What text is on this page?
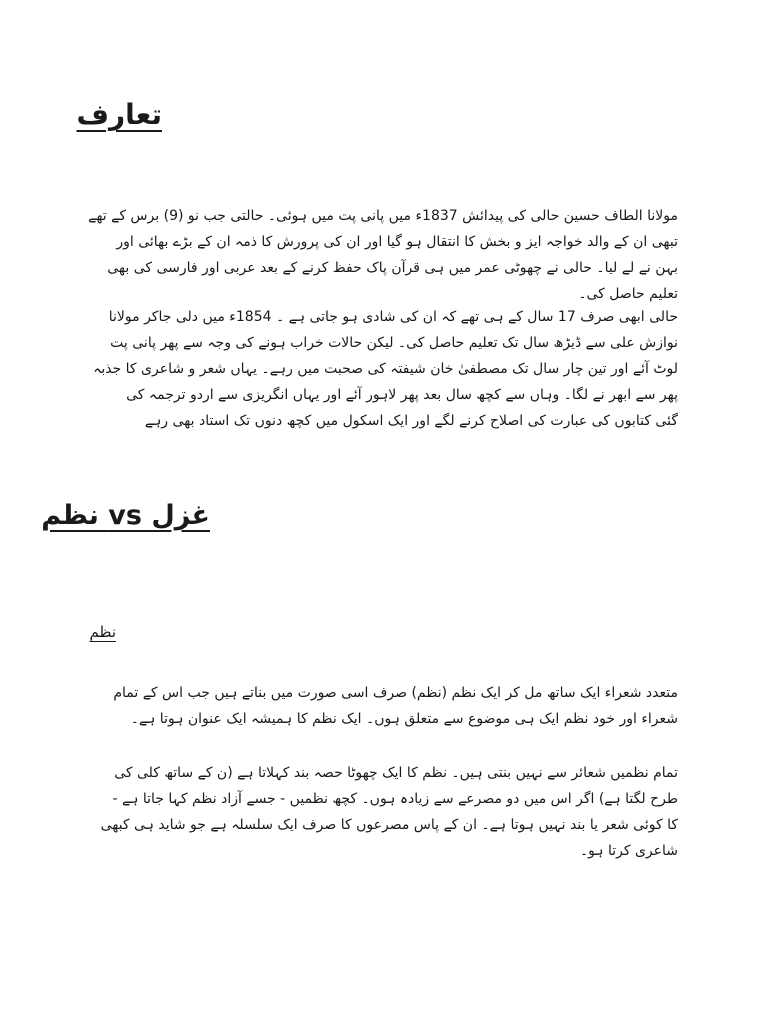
تعارف
مولانا الطاف حسین حالی کی پیدائش 1837ء میں پانی پت میں ہوئی۔ حالتی جب نو (9) برس کے تھے
تبھی ان کے والد خواجہ ایز و بخش کا انتقال ہو گیا اور ان کی پرورش کا ذمہ ان کے بڑے بھائی اور
بہن نے لے لیا۔ حالی نے چھوٹی عمر میں ہی قرآن پاک حفظ کرنے کے بعد عربی اور فارسی کی بھی
تعلیم حاصل کی۔
حالی ابھی صرف 17 سال کے ہی تھے کہ ان کی شادی ہو جاتی ہے ۔ 1854ء میں دلی جاکر مولانا
نوازش علی سے ڈیڑھ سال تک تعلیم حاصل کی۔ لیکن حالات خراب ہونے کی وجہ سے پھر پانی پت
لوٹ آئے اور تین چار سال تک مصطفیٰ خان شیفتہ کی صحبت میں رہے۔ یہاں شعر و شاعری کا جذبہ
پھر سے ابھر نے لگا۔ وہاں سے کچھ سال بعد پھر لاہور آئے اور یہاں انگریزی سے اردو ترجمہ کی
گئی کتابوں کی عبارت کی اصلاح کرنے لگے اور ایک اسکول میں کچھ دنوں تک استاد بھی رہے
غزل vs نظم
نظم
متعدد شعراء ایک ساتھ مل کر ایک نظم (نظم) صرف اسی صورت میں بناتے ہیں جب اس کے تمام
شعراء اور خود نظم ایک ہی موضوع سے متعلق ہوں۔ ایک نظم کا ہمیشہ ایک عنوان ہوتا ہے۔
تمام نظمیں شعائر سے نہیں بنتی ہیں۔ نظم کا ایک چھوٹا حصہ بند کہلاتا ہے (ن کے ساتھ کلی کی
طرح لگتا ہے) اگر اس میں دو مصرعے سے زیادہ ہوں۔ کچھ نظمیں - جسے آزاد نظم کہا جاتا ہے -
کا کوئی شعر یا بند نہیں ہوتا ہے۔ ان کے پاس مصرعوں کا صرف ایک سلسلہ ہے جو شاید ہی کبھی
شاعری کرتا ہو۔
